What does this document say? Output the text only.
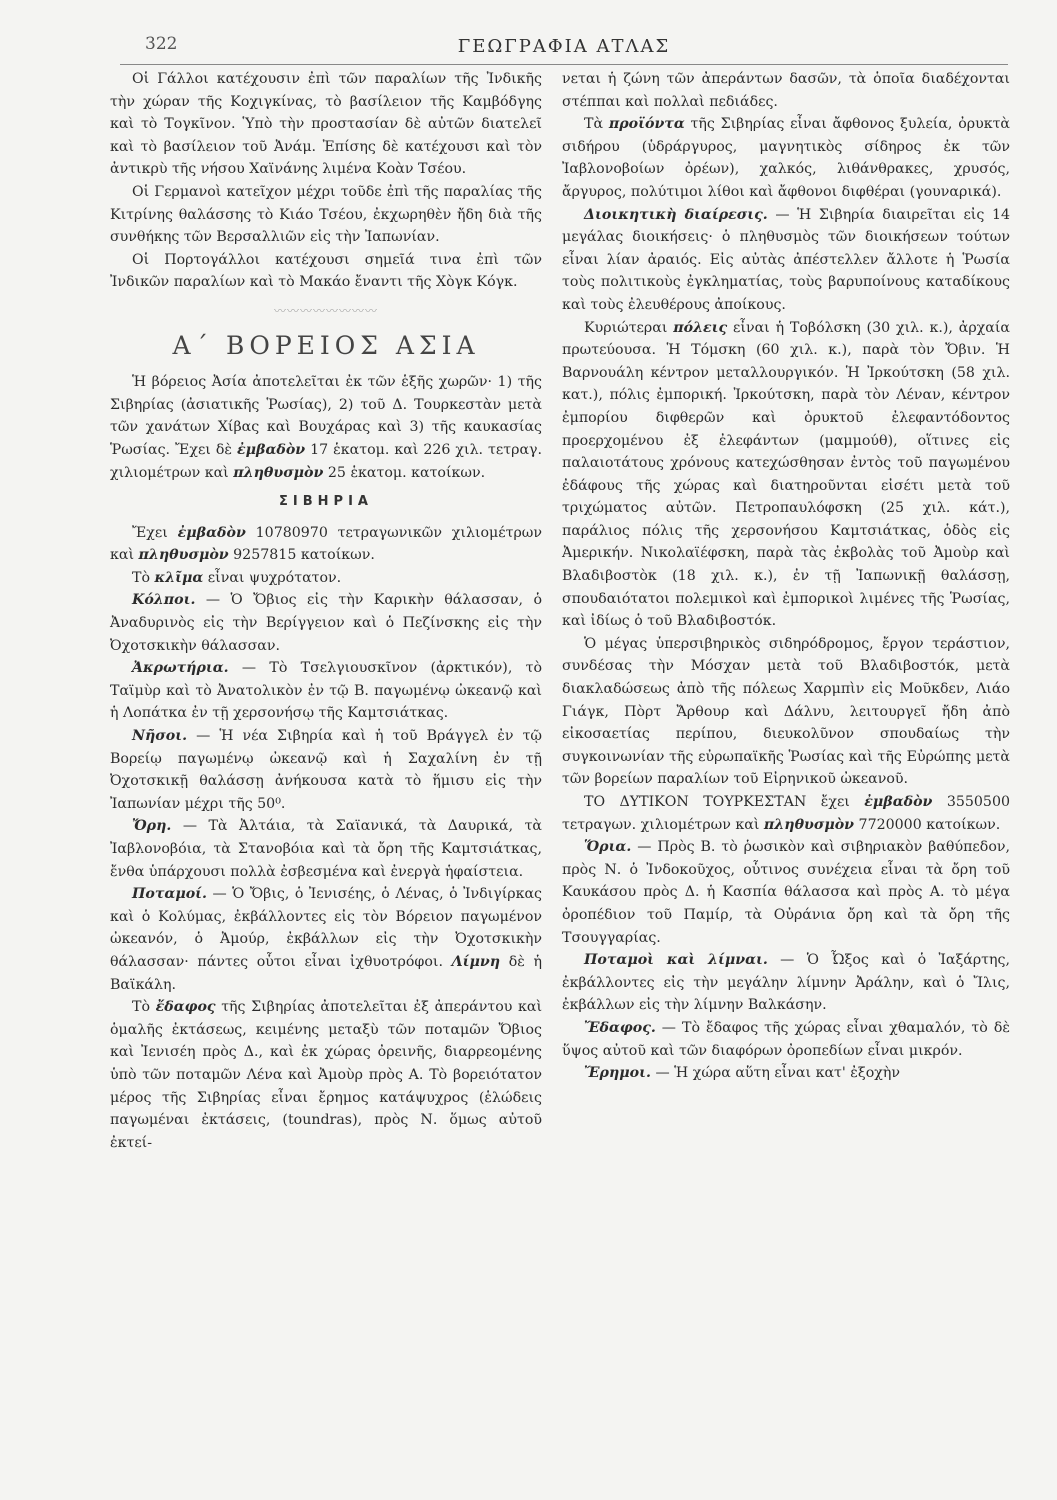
322	ΓΕΩΓΡΑΦΙΑ ΑΤΛΑΣ

Οἱ Γάλλοι κατέχουσιν ἐπὶ τῶν παραλίων τῆς Ἰνδικῆς τὴν χώραν τῆς Κοχιγκίνας, τὸ βασίλειον τῆς Καμβόδγης καὶ τὸ Τογκῖνον. Ὑπὸ τὴν προστασίαν δὲ αὐτῶν διατελεῖ καὶ τὸ βασίλειον τοῦ Ἀνάμ. Ἐπίσης δὲ κατέχουσι καὶ τὸν ἀντικρὺ τῆς νήσου Χαϊνάνης λιμένα Κοὰν Τσέου.

Οἱ Γερμανοὶ κατεῖχον μέχρι τοῦδε ἐπὶ τῆς παραλίας τῆς Κιτρίνης θαλάσσης τὸ Κιάο Τσέου, ἐκχωρηθὲν ἤδη διὰ τῆς συνθήκης τῶν Βερσαλλιῶν εἰς τὴν Ἰαπωνίαν.

Οἱ Πορτογάλλοι κατέχουσι σημεῖά τινα ἐπὶ τῶν Ἰνδικῶν παραλίων καὶ τὸ Μακάο ἔναντι τῆς Χὸγκ Κόγκ.

〰〰〰〰〰〰〰〰
Α΄ ΒΟΡΕΙΟΣ ΑΣΙΑ

Ἡ βόρειος Ἀσία ἀποτελεῖται ἐκ τῶν ἑξῆς χωρῶν· 1) τῆς Σιβηρίας (ἀσιατικῆς Ῥωσίας), 2) τοῦ Δ. Τουρκεστὰν μετὰ τῶν χανάτων Χίβας καὶ Βουχάρας καὶ 3) τῆς καυκασίας Ῥωσίας. Ἔχει δὲ ἐμβαδὸν 17 ἑκατομ. καὶ 226 χιλ. τετραγ. χιλιομέτρων καὶ πληθυσμὸν 25 ἑκατομ. κατοίκων.

ΣΙΒΗΡΙΑ

Ἔχει ἐμβαδὸν 10780970 τετραγωνικῶν χιλιομέτρων καὶ πληθυσμὸν 9257815 κατοίκων.

Τὸ κλῖμα εἶναι ψυχρότατον.

Κόλποι. — Ὁ Ὄβιος εἰς τὴν Καρικὴν θάλασσαν, ὁ Ἀναδυρινὸς εἰς τὴν Βερίγγειον καὶ ὁ Πεζίνσκης εἰς τὴν Ὀχοτσκικὴν θάλασσαν.

Ἀκρωτήρια. — Τὸ Τσελγιουσκῖνον (ἀρκτικόν), τὸ Ταϊμὺρ καὶ τὸ Ἀνατολικὸν ἐν τῷ Β. παγωμένῳ ὠκεανῷ καὶ ἡ Λοπάτκα ἐν τῇ χερσονήσῳ τῆς Καμτσιάτκας.

Νῆσοι. — Ἡ νέα Σιβηρία καὶ ἡ τοῦ Βράγγελ ἐν τῷ Βορείῳ παγωμένῳ ὠκεανῷ καὶ ἡ Σαχαλίνη ἐν τῇ Ὀχοτσκικῇ θαλάσσῃ ἀνήκουσα κατὰ τὸ ἥμισυ εἰς τὴν Ἰαπωνίαν μέχρι τῆς 50⁰.

Ὄρη. — Τὰ Ἀλτάια, τὰ Σαϊανικά, τὰ Δαυρικά, τὰ Ἰαβλονοβόια, τὰ Στανοβόια καὶ τὰ ὄρη τῆς Καμτσιάτκας, ἔνθα ὑπάρχουσι πολλὰ ἐσβεσμένα καὶ ἐνεργὰ ἡφαίστεια.

Ποταμοί. — Ὁ Ὄβις, ὁ Ἰενισέης, ὁ Λένας, ὁ Ἰνδιγίρκας καὶ ὁ Κολύμας, ἐκβάλλοντες εἰς τὸν Βόρειον παγωμένον ὠκεανόν, ὁ Ἀμούρ, ἐκβάλλων εἰς τὴν Ὀχοτσκικὴν θάλασσαν· πάντες οὗτοι εἶναι ἰχθυοτρόφοι. Λίμνη δὲ ἡ Βαϊκάλη.

Τὸ ἔδαφος τῆς Σιβηρίας ἀποτελεῖται ἐξ ἀπεράντου καὶ ὁμαλῆς ἐκτάσεως, κειμένης μεταξὺ τῶν ποταμῶν Ὄβιος καὶ Ἰενισέη πρὸς Δ., καὶ ἐκ χώρας ὀρεινῆς, διαρρεομένης ὑπὸ τῶν ποταμῶν Λένα καὶ Ἀμοὺρ πρὸς Α. Τὸ βορειότατον μέρος τῆς Σιβηρίας εἶναι ἔρημος κατάψυχρος (ἑλώδεις παγωμέναι ἐκτάσεις, (toundras), πρὸς Ν. ὅμως αὐτοῦ ἐκτεί-

νεται ἡ ζώνη τῶν ἀπεράντων δασῶν, τὰ ὁποῖα διαδέχονται στέππαι καὶ πολλαὶ πεδιάδες.

Τὰ προϊόντα τῆς Σιβηρίας εἶναι ἄφθονος ξυλεία, ὀρυκτὰ σιδήρου (ὑδράργυρος, μαγνητικὸς σίδηρος ἐκ τῶν Ἰαβλονοβοίων ὀρέων), χαλκός, λιθάνθρακες, χρυσός, ἄργυρος, πολύτιμοι λίθοι καὶ ἄφθονοι διφθέραι (γουναρικά).

Διοικητικὴ διαίρεσις. — Ἡ Σιβηρία διαιρεῖται εἰς 14 μεγάλας διοικήσεις· ὁ πληθυσμὸς τῶν διοικήσεων τούτων εἶναι λίαν ἀραιός. Εἰς αὐτὰς ἀπέστελλεν ἄλλοτε ἡ Ῥωσία τοὺς πολιτικοὺς ἐγκληματίας, τοὺς βαρυποίνους καταδίκους καὶ τοὺς ἐλευθέρους ἀποίκους.

Κυριώτεραι πόλεις εἶναι ἡ Τοβόλσκη (30 χιλ. κ.), ἀρχαία πρωτεύουσα. Ἡ Τόμσκη (60 χιλ. κ.), παρὰ τὸν Ὄβιν. Ἡ Βαρνουάλη κέντρον μεταλλουργικόν. Ἡ Ἰρκούτσκη (58 χιλ. κατ.), πόλις ἐμπορική. Ἰρκούτσκη, παρὰ τὸν Λέναν, κέντρον ἐμπορίου διφθερῶν καὶ ὀρυκτοῦ ἐλεφαντόδοντος προερχομένου ἐξ ἐλεφάντων (μαμμούθ), οἵτινες εἰς παλαιοτάτους χρόνους κατεχώσθησαν ἐντὸς τοῦ παγωμένου ἐδάφους τῆς χώρας καὶ διατηροῦνται εἰσέτι μετὰ τοῦ τριχώματος αὐτῶν. Πετροπαυλόφσκη (25 χιλ. κάτ.), παράλιος πόλις τῆς χερσονήσου Καμτσιάτκας, ὁδὸς εἰς Ἀμερικήν. Νικολαϊέφσκη, παρὰ τὰς ἐκβολὰς τοῦ Ἀμοὺρ καὶ Βλαδιβοστὸκ (18 χιλ. κ.), ἐν τῇ Ἰαπωνικῇ θαλάσσῃ, σπουδαιότατοι πολεμικοὶ καὶ ἐμπορικοὶ λιμένες τῆς Ῥωσίας, καὶ ἰδίως ὁ τοῦ Βλαδιβοστόκ.

Ὁ μέγας ὑπερσιβηρικὸς σιδηρόδρομος, ἔργον τεράστιον, συνδέσας τὴν Μόσχαν μετὰ τοῦ Βλαδιβοστόκ, μετὰ διακλαδώσεως ἀπὸ τῆς πόλεως Χαρμπὶν εἰς Μοῦκδεν, Λιάο Γιάγκ, Πὸρτ Ἄρθουρ καὶ Δάλνυ, λειτουργεῖ ἤδη ἀπὸ εἰκοσαετίας περίπου, διευκολῦνον σπουδαίως τὴν συγκοινωνίαν τῆς εὐρωπαϊκῆς Ῥωσίας καὶ τῆς Εὐρώπης μετὰ τῶν βορείων παραλίων τοῦ Εἰρηνικοῦ ὠκεανοῦ.

ΤΟ ΔΥΤΙΚΟΝ ΤΟΥΡΚΕΣΤΑΝ ἔχει ἐμβαδὸν 3550500 τετραγων. χιλιομέτρων καὶ πληθυσμὸν 7720000 κατοίκων.

Ὅρια. — Πρὸς Β. τὸ ῥωσικὸν καὶ σιβηριακὸν βαθύπεδον, πρὸς Ν. ὁ Ἰνδοκοῦχος, οὗτινος συνέχεια εἶναι τὰ ὄρη τοῦ Καυκάσου πρὸς Δ. ἡ Κασπία θάλασσα καὶ πρὸς Α. τὸ μέγα ὀροπέδιον τοῦ Παμίρ, τὰ Οὐράνια ὄρη καὶ τὰ ὄρη τῆς Τσουγγαρίας.

Ποταμοὶ καὶ λίμναι. — Ὁ Ὦξος καὶ ὁ Ἰαξάρτης, ἐκβάλλοντες εἰς τὴν μεγάλην λίμνην Ἀράλην, καὶ ὁ Ἴλις, ἐκβάλλων εἰς τὴν λίμνην Βαλκάσην.

Ἔδαφος. — Τὸ ἔδαφος τῆς χώρας εἶναι χθαμαλόν, τὸ δὲ ὕψος αὐτοῦ καὶ τῶν διαφόρων ὀροπεδίων εἶναι μικρόν.

Ἔρημοι. — Ἡ χώρα αὕτη εἶναι κατ' ἐξοχὴν
